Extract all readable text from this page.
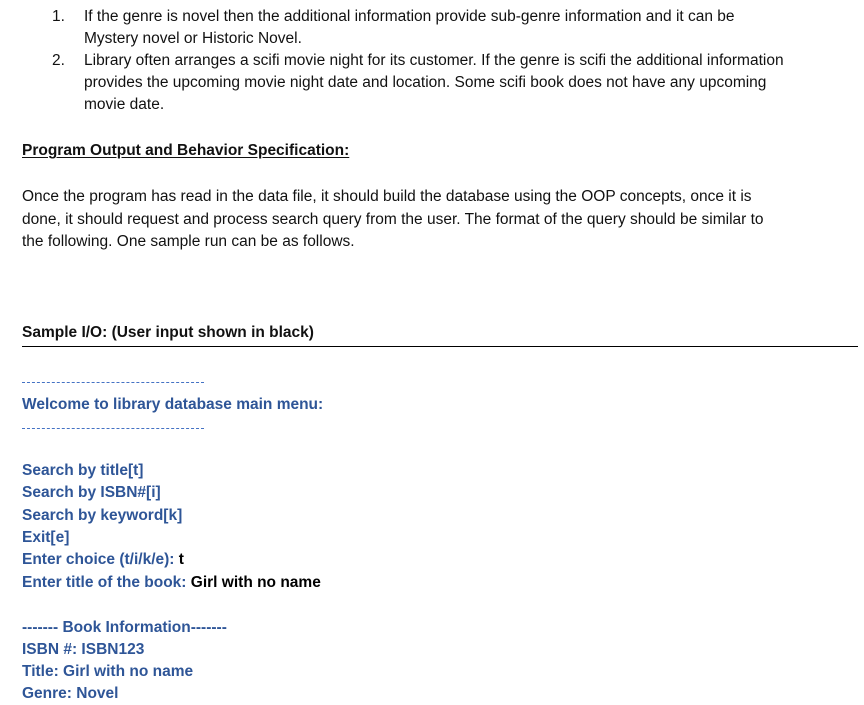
1.	If the genre is novel then the additional information provide sub-genre information and it can be
Mystery novel or Historic Novel.
2.	Library often arranges a scifi movie night for its customer. If the genre is scifi the additional information
provides the upcoming movie night date and location. Some scifi book does not have any upcoming
movie date.
Program Output and Behavior Specification:
Once the program has read in the data file, it should build the database using the OOP concepts, once it is
done, it should request and process search query from the user. The format of the query should be similar to
the following. One sample run can be as follows.
Sample I/O: (User input shown in black)
Welcome to library database main menu:
Search by title[t]
Search by ISBN#[i]
Search by keyword[k]
Exit[e]
Enter choice (t/i/k/e): t
Enter title of the book: Girl with no name
------- Book Information-------
ISBN #: ISBN123
Title: Girl with no name
Genre: Novel
